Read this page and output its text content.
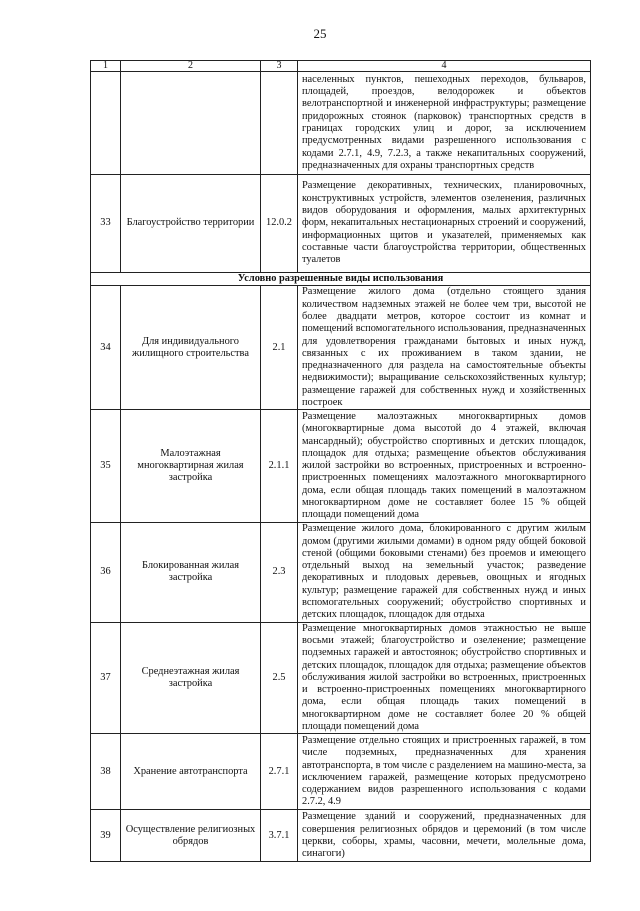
25
1	2	3	4
			населенных пунктов, пешеходных переходов, бульваров, площадей, проездов, велодорожек и объектов велотранспортной и инженерной инфраструктуры; размещение придорожных стоянок (парковок) транспортных средств в границах городских улиц и дорог, за исключением предусмотренных видами разрешенного использования с кодами 2.7.1, 4.9, 7.2.3, а также некапитальных сооружений, предназначенных для охраны транспортных средств
33	Благоустройство территории	12.0.2	Размещение декоративных, технических, планировочных, конструктивных устройств, элементов озеленения, различных видов оборудования и оформления, малых архитектурных форм, некапитальных нестационарных строений и сооружений, информационных щитов и указателей, применяемых как составные части благоустройства территории, общественных туалетов
Условно разрешенные виды использования			
34	Для индивидуального жилищного строительства	2.1	Размещение жилого дома (отдельно стоящего здания количеством надземных этажей не более чем три, высотой не более двадцати метров, которое состоит из комнат и помещений вспомогательного использования, предназначенных для удовлетворения гражданами бытовых и иных нужд, связанных с их проживанием в таком здании, не предназначенного для раздела на самостоятельные объекты недвижимости); выращивание сельскохозяйственных культур; размещение гаражей для собственных нужд и хозяйственных построек
35	Малоэтажная многоквартирная жилая застройка	2.1.1	Размещение малоэтажных многоквартирных домов (многоквартирные дома высотой до 4 этажей, включая мансардный); обустройство спортивных и детских площадок, площадок для отдыха; размещение объектов обслуживания жилой застройки во встроенных, пристроенных и встроенно-пристроенных помещениях малоэтажного многоквартирного дома, если общая площадь таких помещений в малоэтажном многоквартирном доме не составляет более 15 % общей площади помещений дома
36	Блокированная жилая застройка	2.3	Размещение жилого дома, блокированного с другим жилым домом (другими жилыми домами) в одном ряду общей боковой стеной (общими боковыми стенами) без проемов и имеющего отдельный выход на земельный участок; разведение декоративных и плодовых деревьев, овощных и ягодных культур; размещение гаражей для собственных нужд и иных вспомогательных сооружений; обустройство спортивных и детских площадок, площадок для отдыха
37	Среднеэтажная жилая застройка	2.5	Размещение многоквартирных домов этажностью не выше восьми этажей; благоустройство и озеленение; размещение подземных гаражей и автостоянок; обустройство спортивных и детских площадок, площадок для отдыха; размещение объектов обслуживания жилой застройки во встроенных, пристроенных и встроенно-пристроенных помещениях многоквартирного дома, если общая площадь таких помещений в многоквартирном доме не составляет более 20 % общей площади помещений дома
38	Хранение автотранспорта	2.7.1	Размещение отдельно стоящих и пристроенных гаражей, в том числе подземных, предназначенных для хранения автотранспорта, в том числе с разделением на машино-места, за исключением гаражей, размещение которых предусмотрено содержанием видов разрешенного использования с кодами 2.7.2, 4.9
39	Осуществление религиозных обрядов	3.7.1	Размещение зданий и сооружений, предназначенных для совершения религиозных обрядов и церемоний (в том числе церкви, соборы, храмы, часовни, мечети, молельные дома, синагоги)
